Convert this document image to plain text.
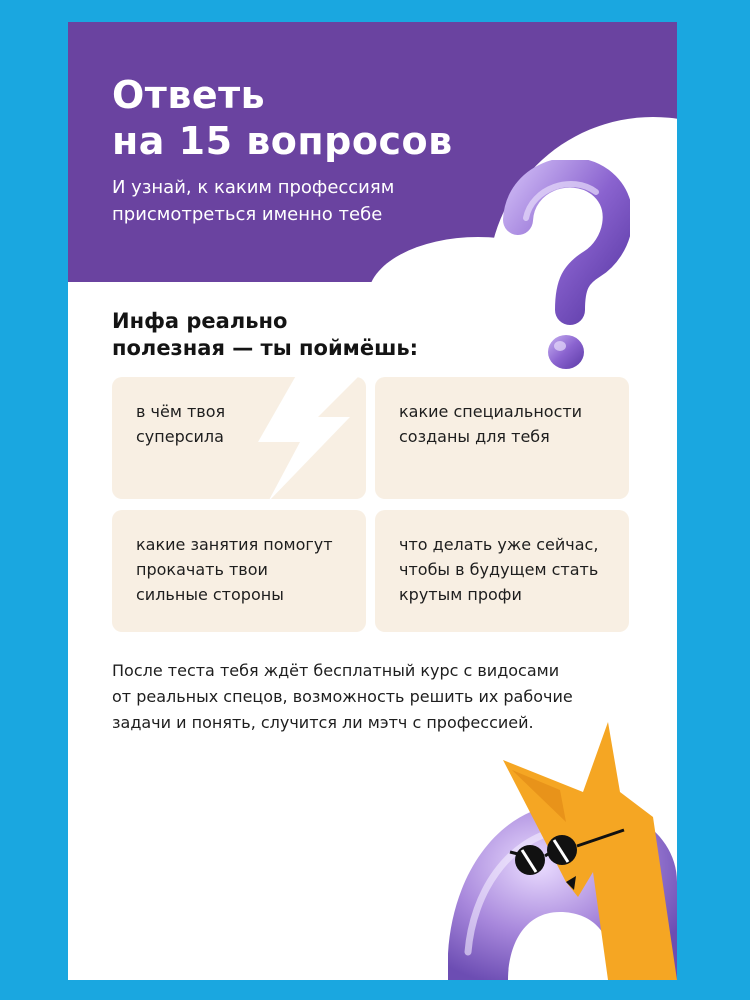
Ответь
на 15 вопросов
И узнай, к каким профессиям
присмотреться именно тебе
Инфа реально
полезная — ты поймёшь:
в чём твоя
суперсила
какие специальности
созданы для тебя
какие занятия помогут
прокачать твои
сильные стороны
что делать уже сейчас,
чтобы в будущем стать
крутым профи
После теста тебя ждёт бесплатный курс с видосами
от реальных спецов, возможность решить их рабочие
задачи и понять, случится ли мэтч с профессией.
